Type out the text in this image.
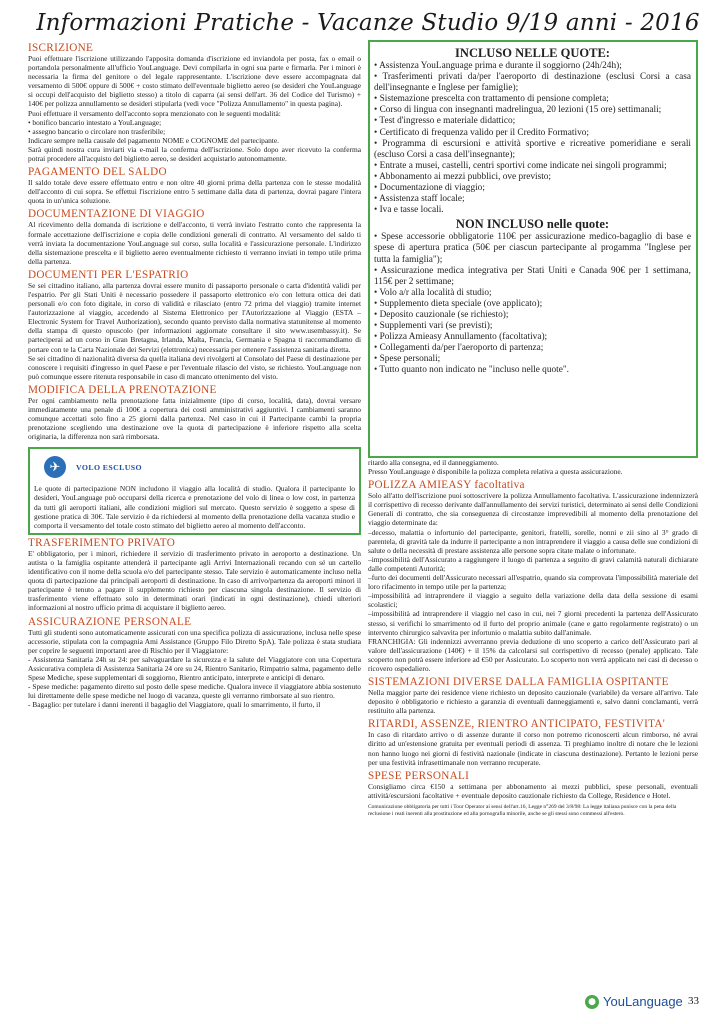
Informazioni Pratiche - Vacanze Studio 9/19 anni - 2016
ISCRIZIONE
Puoi effettuare l'iscrizione utilizzando l'apposita domanda d'iscrizione ed inviandola per posta, fax o email o portandola personalmente all'ufficio YouLanguage. Devi compilarla in ogni sua parte e firmarla. Per i minori è necessaria la firma del genitore o del legale rappresentante. L'iscrizione deve essere accompagnata dal versamento di 500€ oppure di 500€ + costo stimato dell'eventuale biglietto aereo (se desideri che YouLanguage si occupi dell'acquisto del biglietto stesso) a titolo di caparra (ai sensi dell'art. 36 del Codice del Turismo) + 140€ per polizza annullamento se desideri stipularla (vedi voce "Polizza Annullamento" in questa pagina).
Puoi effettuare il versamento dell'acconto sopra menzionato con le seguenti modalità:
• bonifico bancario intestato a YouLanguage;
• assegno bancario o circolare non trasferibile;
Indicare sempre nella causale del pagamento NOME e COGNOME del partecipante.
Sarà quindi nostra cura inviarti via e-mail la conferma dell'iscrizione. Solo dopo aver ricevuto la conferma potrai procedere all'acquisto del biglietto aereo, se desideri acquistarlo autonomamente.
PAGAMENTO DEL SALDO
Il saldo totale deve essere effettuato entro e non oltre 40 giorni prima della partenza con le stesse modalità dell'acconto di cui sopra. Se effettui l'iscrizione entro 5 settimane dalla data di partenza, dovrai pagare l'intera quota in un'unica soluzione.
DOCUMENTAZIONE DI VIAGGIO
Al ricevimento della domanda di iscrizione e dell'acconto, ti verrà inviato l'estratto conto che rappresenta la formale accettazione dell'iscrizione e copia delle condizioni generali di contratto. Al versamento del saldo ti verrà inviata la documentazione YouLanguage sul corso, sulla località e l'assicurazione personale. L'indirizzo della sistemazione prescelta e il biglietto aereo eventualmente richiesto ti verranno inviati in tempo utile prima della partenza.
DOCUMENTI PER L'ESPATRIO
Se sei cittadino italiano, alla partenza dovrai essere munito di passaporto personale o carta d'identità validi per l'espatrio. Per gli Stati Uniti è necessario possedere il passaporto elettronico e/o con lettura ottica dei dati personali e/o con foto digitale, in corso di validità e rilasciato (entro 72 prima del viaggio) tramite internet l'autorizzazione al viaggio, accedendo al Sistema Elettronico per l'Autorizzazione al Viaggio (ESTA – Electronic System for Travel Authorization), secondo quanto previsto dalla normativa statunitense al momento della stampa di questo opuscolo (per informazioni aggiornate consultare il sito www.usembassy.it). Se parteciperai ad un corso in Gran Bretagna, Irlanda, Malta, Francia, Germania e Spagna ti raccomandiamo di portare con te la Carta Nazionale dei Servizi (elettronica) necessaria per ottenere l'assistenza sanitaria diretta.
Se sei cittadino di nazionalità diversa da quella italiana devi rivolgerti al Consolato del Paese di destinazione per conoscere i requisiti d'ingresso in quel Paese e per l'eventuale rilascio del visto, se richiesto. YouLanguage non può comunque essere ritenuta responsabile in caso di mancato ottenimento del visto.
MODIFICA DELLA PRENOTAZIONE
Per ogni cambiamento nella prenotazione fatta inizialmente (tipo di corso, località, data), dovrai versare immediatamente una penale di 100€ a copertura dei costi amministrativi aggiuntivi. I cambiamenti saranno comunque accettati solo fino a 25 giorni dalla partenza. Nel caso in cui il Partecipante cambi la propria prenotazione scegliendo una destinazione ove la quota di partecipazione è inferiore rispetto alla scelta originaria, la differenza non sarà rimborsata.
✈	VOLO ESCLUSO
Le quote di partecipazione NON includono il viaggio alla località di studio. Qualora il partecipante lo desideri, YouLanguage può occuparsi della ricerca e prenotazione del volo di linea o low cost, in partenza da tutti gli aeroporti italiani, alle condizioni migliori sul mercato. Questo servizio è soggetto a spese di gestione pratica di 30€. Tale servizio è da richiedersi al momento della prenotazione della vacanza studio e comporta il versamento del totale costo stimato del biglietto aereo al momento dell'acconto.
TRASFERIMENTO PRIVATO
E' obbligatorio, per i minori, richiedere il servizio di trasferimento privato in aeroporto a destinazione. Un autista o la famiglia ospitante attenderà il partecipante agli Arrivi Internazionali recando con sé un cartello identificativo con il nome della scuola e/o del partecipante stesso. Tale servizio è automaticamente incluso nella quota di partecipazione dai principali aeroporti di destinazione. In caso di arrivo/partenza da aeroporti minori il partecipante è tenuto a pagare il supplemento richiesto per ciascuna singola destinazione. Il servizio di trasferimento viene effettuato solo in determinati orari (indicati in ogni destinazione), chiedi ulteriori informazioni al nostro ufficio prima di acquistare il biglietto aereo.
ASSICURAZIONE PERSONALE
Tutti gli studenti sono automaticamente assicurati con una specifica polizza di assicurazione, inclusa nelle spese accessorie, stipulata con la compagnia Ami Assistance (Gruppo Filo Diretto SpA). Tale polizza è stata studiata per coprire le seguenti importanti aree di Rischio per il Viaggiatore:
- Assistenza Sanitaria 24h su 24: per salvaguardare la sicurezza e la salute del Viaggiatore con una Copertura Assicurativa completa di Assistenza Sanitaria 24 ore su 24, Rientro Sanitario, Rimpatrio salma, pagamento delle Spese Mediche, spese supplementari di soggiorno, Rientro anticipato, interprete e anticipi di denaro.
- Spese mediche: pagamento diretto sul posto delle spese mediche. Qualora invece il viaggiatore abbia sostenuto lui direttamente delle spese mediche nel luogo di vacanza, queste gli verranno rimborsate al suo rientro.
- Bagaglio: per tutelare i danni inerenti il bagaglio del Viaggiatore, quali lo smarrimento, il furto, il
INCLUSO NELLE QUOTE:
• Assistenza YouLanguage prima e durante il soggiorno (24h/24h);
• Trasferimenti privati da/per l'aeroporto di destinazione (esclusi Corsi a casa dell'insegnante e Inglese per famiglie);
• Sistemazione prescelta con trattamento di pensione completa;
• Corso di lingua con insegnanti madrelingua, 20 lezioni (15 ore) settimanali;
• Test d'ingresso e materiale didattico;
• Certificato di frequenza valido per il Credito Formativo;
• Programma di escursioni e attività sportive e ricreative pomeridiane e serali (escluso Corsi a casa dell'insegnante);
• Entrate a musei, castelli, centri sportivi come indicate nei singoli programmi;
• Abbonamento ai mezzi pubblici, ove previsto;
• Documentazione di viaggio;
• Assistenza staff locale;
• Iva e tasse locali.
NON INCLUSO nelle quote:
• Spese accessorie obbligatorie 110€ per assicurazione medico-bagaglio di base e spese di apertura pratica (50€ per ciascun partecipante al progamma "Inglese per tutta la famiglia");
• Assicurazione medica integrativa per Stati Uniti e Canada 90€ per 1 settimana, 115€ per 2 settimane;
• Volo a/r alla località di studio;
• Supplemento dieta speciale (ove applicato);
• Deposito cauzionale (se richiesto);
• Supplementi vari (se previsti);
• Polizza Amieasy Annullamento (facoltativa);
• Collegamenti da/per l'aeroporto di partenza;
• Spese personali;
• Tutto quanto non indicato ne "incluso nelle quote".
ritardo alla consegna, ed il danneggiamento.
Presso YouLanguage è disponibile la polizza completa relativa a questa assicurazione.
POLIZZA AMIEASY facoltativa
Solo all'atto dell'iscrizione puoi sottoscrivere la polizza Annullamento facoltativa. L'assicurazione indennizzerà il corrispettivo di recesso derivante dall'annullamento dei servizi turistici, determinato ai sensi delle Condizioni Generali di contratto, che sia conseguenza di circostanze imprevedibili al momento della prenotazione del viaggio determinate da:
–decesso, malattia o infortunio del partecipante, genitori, fratelli, sorelle, nonni e zii sino al 3° grado di parentela, di gravità tale da indurre il partecipante a non intraprendere il viaggio a causa delle sue condizioni di salute o della necessità di prestare assistenza alle persone sopra citate malate o infortunate.
–impossibilità dell'Assicurato a raggiungere il luogo di partenza a seguito di gravi calamità naturali dichiarate dalle competenti Autorità;
–furto dei documenti dell'Assicurato necessari all'espatrio, quando sia comprovata l'impossibilità materiale del loro rifacimento in tempo utile per la partenza;
–impossibilità ad intraprendere il viaggio a seguito della variazione della data della sessione di esami scolastici;
–impossibilità ad intraprendere il viaggio nel caso in cui, nei 7 giorni precedenti la partenza dell'Assicurato stesso, si verifichi lo smarrimento od il furto del proprio animale (cane e gatto regolarmente registrato) o un intervento chirurgico salvavita per infortunio o malattia subito dall'animale.
FRANCHIGIA: Gli indennizzi avverranno previa deduzione di uno scoperto a carico dell'Assicurato pari al valore dell'assicurazione (140€) + il 15% da calcolarsi sul corrispettivo di recesso (penale) applicato. Tale scoperto non potrà essere inferiore ad €50 per Assicurato. Lo scoperto non verrà applicato nei casi di decesso o ricovero ospedaliero.
SISTEMAZIONI DIVERSE DALLA FAMIGLIA OSPITANTE
Nella maggior parte dei residence viene richiesto un deposito cauzionale (variabile) da versare all'arrivo. Tale deposito è obbligatorio e richiesto a garanzia di eventuali danneggiamenti e, salvo danni conclamanti, verrà restituito alla partenza.
RITARDI, ASSENZE, RIENTRO ANTICIPATO, FESTIVITA'
In caso di ritardato arrivo o di assenze durante il corso non potremo riconoscerti alcun rimborso, né avrai diritto ad un'estensione gratuita per eventuali periodi di assenza. Ti preghiamo inoltre di notare che le lezioni non hanno luogo nei giorni di festività nazionale (indicate in ciascuna destinazione). Pertanto le lezioni perse per una festività infrasettimanale non verranno recuperate.
SPESE PERSONALI
Consigliamo circa €150 a settimana per abbonamento ai mezzi pubblici, spese personali, eventuali attività/escursioni facoltative + eventuale deposito cauzionale richiesto da College, Residence e Hotel.
Comunicazione obbligatoria per tutti i Tour Operator ai sensi dell'art.16, Legge n°269 del 3/8/98: La legge italiana punisce con la pena della reclusione i reati inerenti alla prostituzione ed alla pornografia minorile, anche se gli stessi sono commessi all'estero.
● YouLanguage 33
